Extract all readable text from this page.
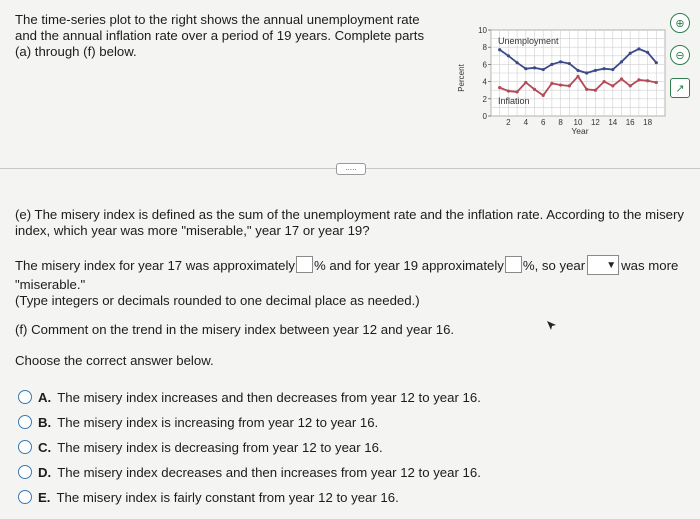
The time-series plot to the right shows the annual unemployment rate
and the annual inflation rate over a period of 19 years. Complete parts
(a) through (f) below.
0
2
4
6
8
10
2 4 6 8 10 12 14 16 18
Percent
Year
Unemployment
Inflation
⊕
⊖
↗
.....
(e) The misery index is defined as the sum of the unemployment rate and the inflation rate. According to the misery
index, which year was more "miserable," year 17 or year 19?
The misery index for year 17 was approximately % and for year 19 approximately %, so year ▼ was more
"miserable."
(Type integers or decimals rounded to one decimal place as needed.)
(f) Comment on the trend in the misery index between year 12 and year 16.
Choose the correct answer below.
A. The misery index increases and then decreases from year 12 to year 16.
B. The misery index is increasing from year 12 to year 16.
C. The misery index is decreasing from year 12 to year 16.
D. The misery index decreases and then increases from year 12 to year 16.
E. The misery index is fairly constant from year 12 to year 16.
